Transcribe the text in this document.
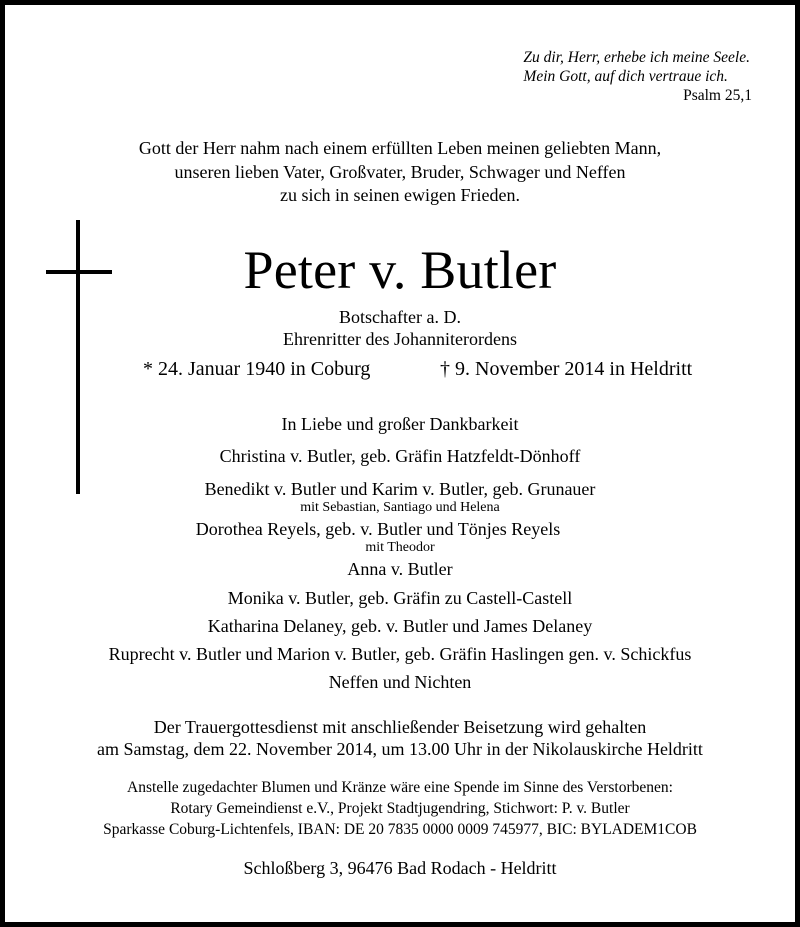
Zu dir, Herr, erhebe ich meine Seele.
Mein Gott, auf dich vertraue ich.
Psalm 25,1
Gott der Herr nahm nach einem erfüllten Leben meinen geliebten Mann,
unseren lieben Vater, Großvater, Bruder, Schwager und Neffen
zu sich in seinen ewigen Frieden.
Peter v. Butler
Botschafter a. D.
Ehrenritter des Johanniterordens
* 24. Januar 1940 in Coburg	† 9. November 2014 in Heldritt
In Liebe und großer Dankbarkeit
Christina v. Butler, geb. Gräfin Hatzfeldt-Dönhoff
Benedikt v. Butler und Karim v. Butler, geb. Grunauer
mit Sebastian, Santiago und Helena
Dorothea Reyels, geb. v. Butler und Tönjes Reyels
mit Theodor
Anna v. Butler
Monika v. Butler, geb. Gräfin zu Castell-Castell
Katharina Delaney, geb. v. Butler und James Delaney
Ruprecht v. Butler und Marion v. Butler, geb. Gräfin Haslingen gen. v. Schickfus
Neffen und Nichten
Der Trauergottesdienst mit anschließender Beisetzung wird gehalten
am Samstag, dem 22. November 2014, um 13.00 Uhr in der Nikolauskirche Heldritt
Anstelle zugedachter Blumen und Kränze wäre eine Spende im Sinne des Verstorbenen:
Rotary Gemeindienst e.V., Projekt Stadtjugendring, Stichwort: P. v. Butler
Sparkasse Coburg-Lichtenfels, IBAN: DE 20 7835 0000 0009 745977, BIC: BYLADEM1COB
Schloßberg 3, 96476 Bad Rodach - Heldritt
